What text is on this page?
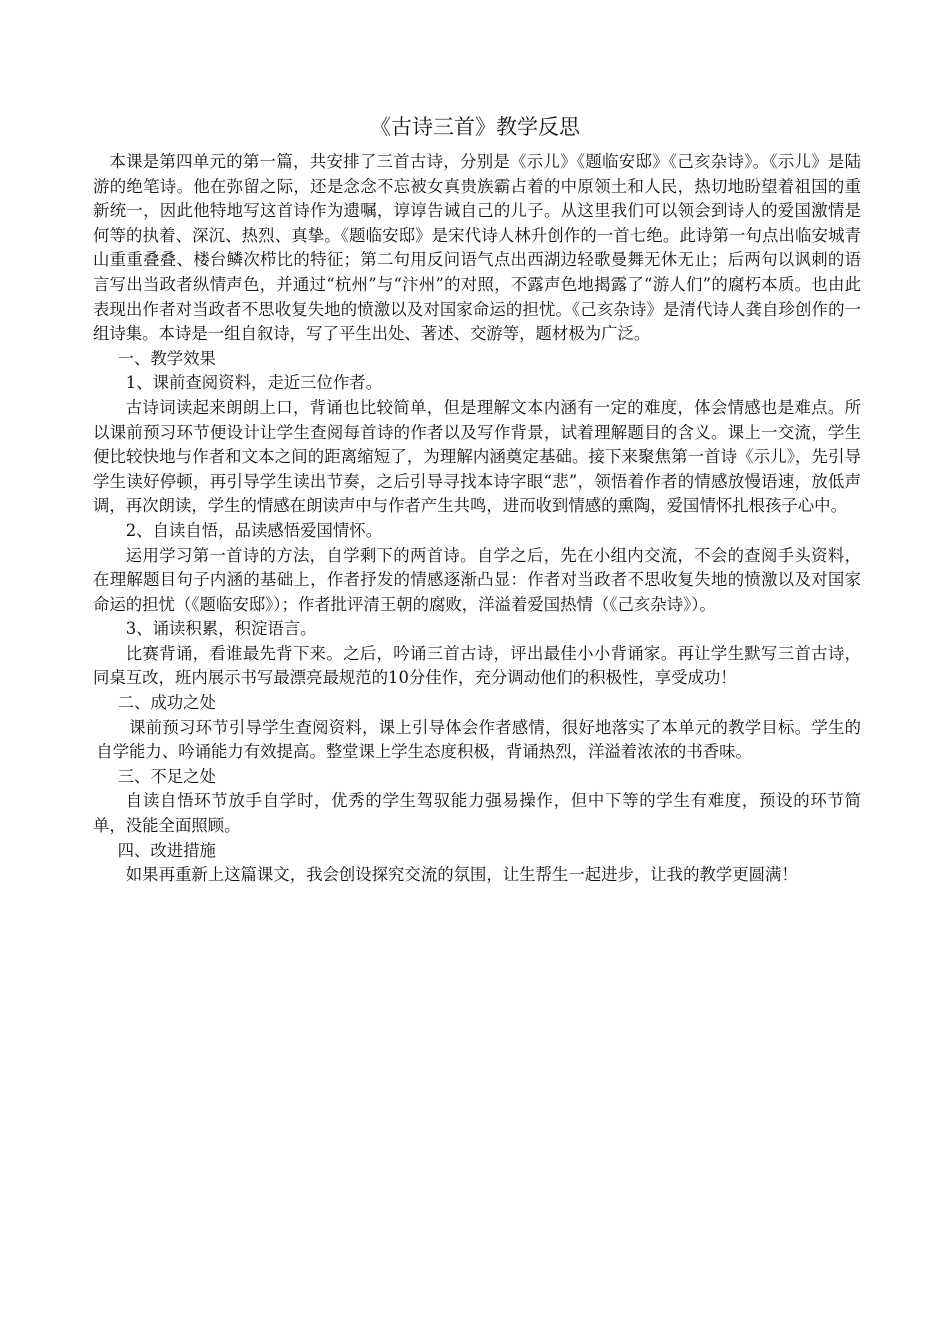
《古诗三首》教学反思

本课是第四单元的第一篇，共安排了三首古诗，分别是《示儿》《题临安邸》《己亥杂诗》。《示儿》是陆游的绝笔诗。他在弥留之际，还是念念不忘被女真贵族霸占着的中原领土和人民，热切地盼望着祖国的重新统一，因此他特地写这首诗作为遗嘱，谆谆告诫自己的儿子。从这里我们可以领会到诗人的爱国激情是何等的执着、深沉、热烈、真挚。《题临安邸》是宋代诗人林升创作的一首七绝。此诗第一句点出临安城青山重重叠叠、楼台鳞次栉比的特征；第二句用反问语气点出西湖边轻歌曼舞无休无止；后两句以讽刺的语言写出当政者纵情声色，并通过“杭州”与“汴州”的对照，不露声色地揭露了“游人们”的腐朽本质。也由此表现出作者对当政者不思收复失地的愤激以及对国家命运的担忧。《己亥杂诗》是清代诗人龚自珍创作的一组诗集。本诗是一组自叙诗，写了平生出处、著述、交游等，题材极为广泛。

一、教学效果

1、课前查阅资料，走近三位作者。

古诗词读起来朗朗上口，背诵也比较简单，但是理解文本内涵有一定的难度，体会情感也是难点。所以课前预习环节便设计让学生查阅每首诗的作者以及写作背景，试着理解题目的含义。课上一交流，学生便比较快地与作者和文本之间的距离缩短了，为理解内涵奠定基础。接下来聚焦第一首诗《示儿》，先引导学生读好停顿，再引导学生读出节奏，之后引导寻找本诗字眼“悲”，领悟着作者的情感放慢语速，放低声调，再次朗读，学生的情感在朗读声中与作者产生共鸣，进而收到情感的熏陶，爱国情怀扎根孩子心中。

2、自读自悟，品读感悟爱国情怀。

运用学习第一首诗的方法，自学剩下的两首诗。自学之后，先在小组内交流，不会的查阅手头资料，在理解题目句子内涵的基础上，作者抒发的情感逐渐凸显：作者对当政者不思收复失地的愤激以及对国家命运的担忧（《题临安邸》）；作者批评清王朝的腐败，洋溢着爱国热情（《己亥杂诗》）。

3、诵读积累，积淀语言。

比赛背诵，看谁最先背下来。之后，吟诵三首古诗，评出最佳小小背诵家。再让学生默写三首古诗，同桌互改，班内展示书写最漂亮最规范的10分佳作，充分调动他们的积极性，享受成功！

二、成功之处

课前预习环节引导学生查阅资料，课上引导体会作者感情，很好地落实了本单元的教学目标。学生的自学能力、吟诵能力有效提高。整堂课上学生态度积极，背诵热烈，洋溢着浓浓的书香味。

三、不足之处

自读自悟环节放手自学时，优秀的学生驾驭能力强易操作，但中下等的学生有难度，预设的环节简单，没能全面照顾。

四、改进措施

如果再重新上这篇课文，我会创设探究交流的氛围，让生帮生一起进步，让我的教学更圆满！
